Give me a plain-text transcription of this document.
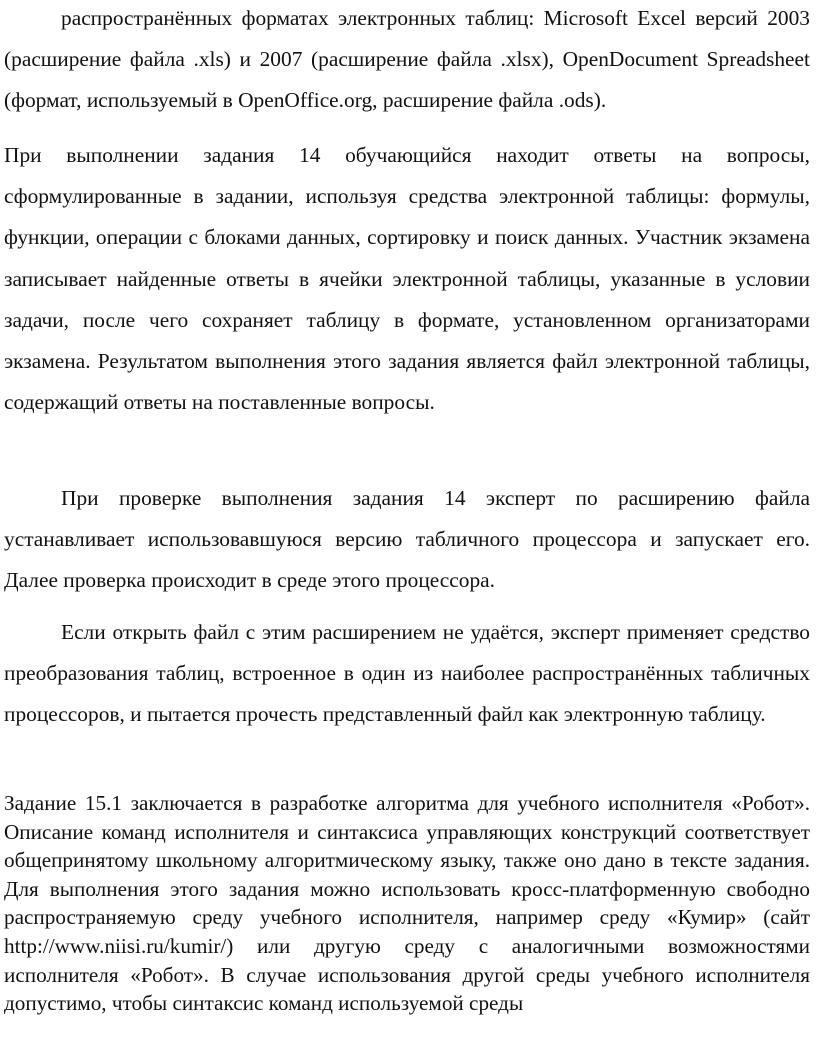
распространённых форматах электронных таблиц: Microsoft Excel версий 2003 (расширение файла .xls) и 2007 (расширение файла .xlsx), OpenDocument Spreadsheet (формат, используемый в OpenOffice.org, расширение файла .ods).

При выполнении задания 14 обучающийся находит ответы на вопросы, сформулированные в задании, используя средства электронной таблицы: формулы, функции, операции с блоками данных, сортировку и поиск данных. Участник экзамена записывает найденные ответы в ячейки электронной таблицы, указанные в условии задачи, после чего сохраняет таблицу в формате, установленном организаторами экзамена. Результатом выполнения этого задания является файл электронной таблицы, содержащий ответы на поставленные вопросы.

При проверке выполнения задания 14 эксперт по расширению файла устанавливает использовавшуюся версию табличного процессора и запускает его. Далее проверка происходит в среде этого процессора.

Если открыть файл с этим расширением не удаётся, эксперт применяет средство преобразования таблиц, встроенное в один из наиболее распространённых табличных процессоров, и пытается прочесть представленный файл как электронную таблицу.

Задание 15.1 заключается в разработке алгоритма для учебного исполнителя «Робот». Описание команд исполнителя и синтаксиса управляющих конструкций соответствует общепринятому школьному алгоритмическому языку, также оно дано в тексте задания. Для выполнения этого задания можно использовать кросс-платформенную свободно распространяемую среду учебного исполнителя, например среду «Кумир» (сайт http://www.niisi.ru/kumir/) или другую среду с аналогичными возможностями исполнителя «Робот». В случае использования другой среды учебного исполнителя допустимо, чтобы синтаксис команд используемой среды
